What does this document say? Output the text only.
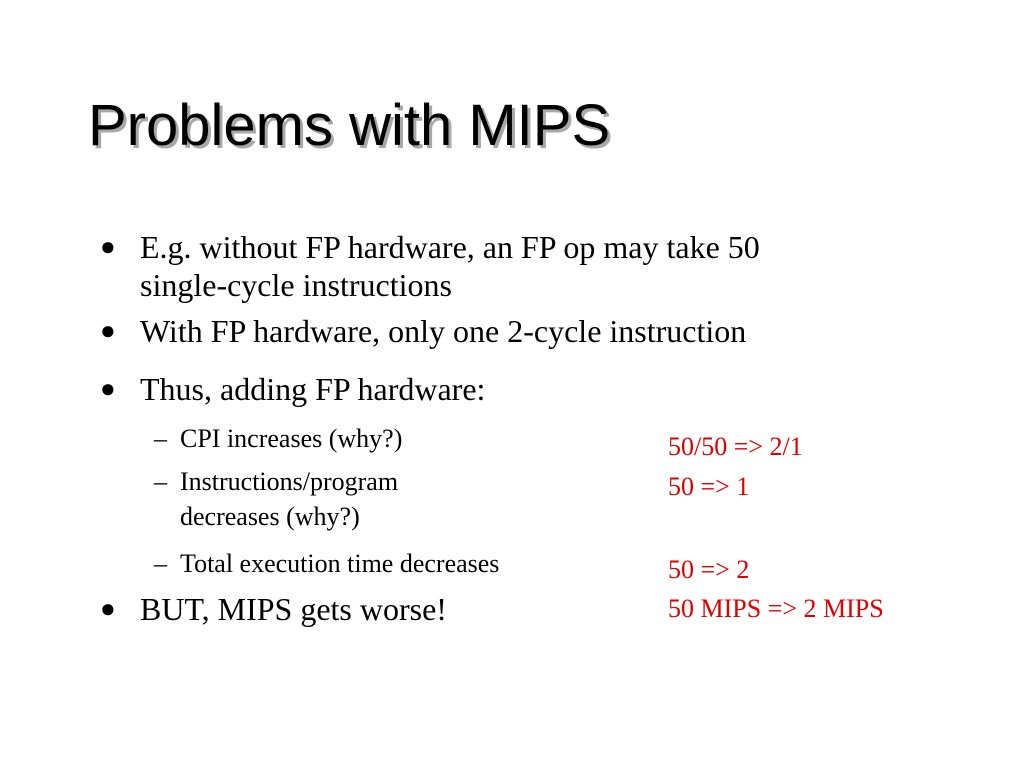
Problems with MIPS
● E.g. without FP hardware, an FP op may take 50
single-cycle instructions
● With FP hardware, only one 2-cycle instruction
● Thus, adding FP hardware:
– CPI increases (why?)
– Instructions/program
decreases (why?)
– Total execution time decreases
● BUT, MIPS gets worse!
50/50 => 2/1
50 => 1
50 => 2
50 MIPS => 2 MIPS
